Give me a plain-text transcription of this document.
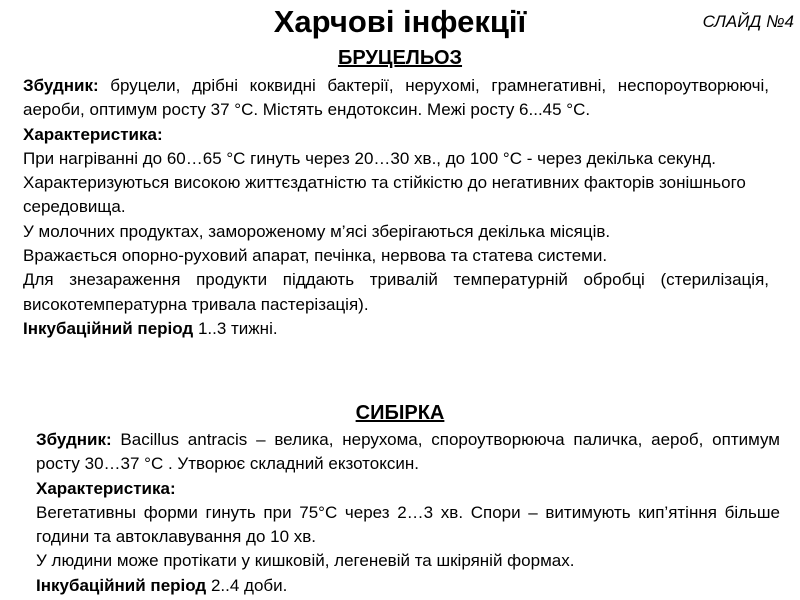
СЛАЙД №4
Харчові інфекції
БРУЦЕЛЬОЗ

Збудник: бруцели, дрібні коквидні бактерії, нерухомі, грамнегативні, неспороутворюючі, аероби, оптимум росту 37 °С. Містять ендотоксин. Межі росту 6...45 °С.

Характеристика:

При нагріванні до 60…65 °С гинуть через 20…30 хв., до 100 °С - через декілька секунд.

Характеризуються високою життєздатністю та стійкістю до негативних факторів зонішнього середовища.

У молочних продуктах, замороженому м’ясі зберігаються декілька місяців.

Вражається опорно-руховий апарат, печінка, нервова та статева системи.

Для знезараження продукти піддають тривалій температурній обробці (стерилізація, високотемпературна тривала пастерізація).

Інкубаційний період 1..3 тижні.

СИБІРКА

Збудник: Bacillus antracis – велика, нерухома, спороутворююча паличка, аероб, оптимум росту 30…37 °С . Утворює складний екзотоксин.

Характеристика:

Вегетативны форми гинуть при 75°С через 2…3 хв. Спори – витимують кип’ятіння більше години та автоклавування до 10 хв.

У людини може протікати у кишковій, легеневій та шкіряній формах.

Інкубаційний період 2..4 доби.
